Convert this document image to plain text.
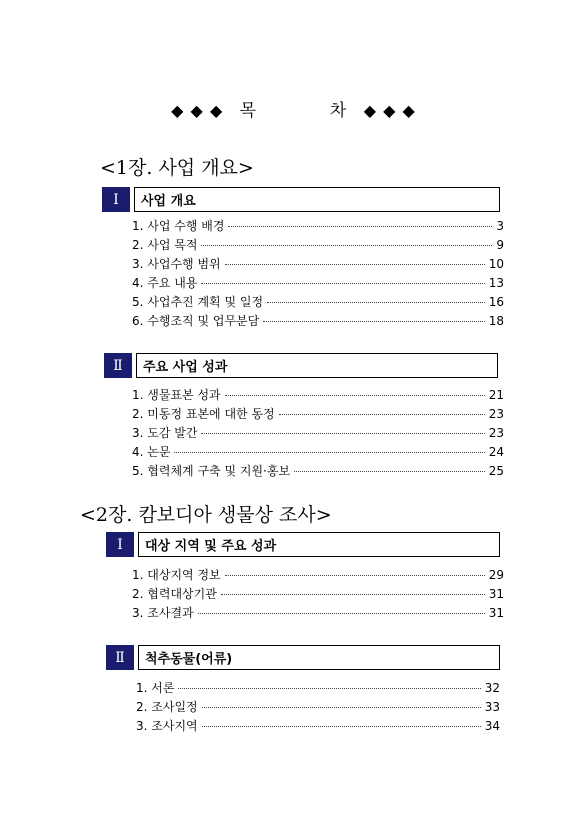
◆ ◆ ◆ 목	차 ◆ ◆ ◆
<1장. 사업 개요>
Ⅰ	사업 개요
1. 사업 수행 배경	3
2. 사업 목적	9
3. 사업수행 범위	10
4. 주요 내용	13
5. 사업추진 계획 및 일정	16
6. 수행조직 및 업무분담	18
Ⅱ	주요 사업 성과
1. 생물표본 성과	21
2. 미동정 표본에 대한 동정	23
3. 도감 발간	23
4. 논문	24
5. 협력체계 구축 및 지원·홍보	25
<2장. 캄보디아 생물상 조사>
Ⅰ	대상 지역 및 주요 성과
1. 대상지역 정보	29
2. 협력대상기관	31
3. 조사결과	31
Ⅱ	척추동물(어류)
1. 서론	32
2. 조사일정	33
3. 조사지역	34
